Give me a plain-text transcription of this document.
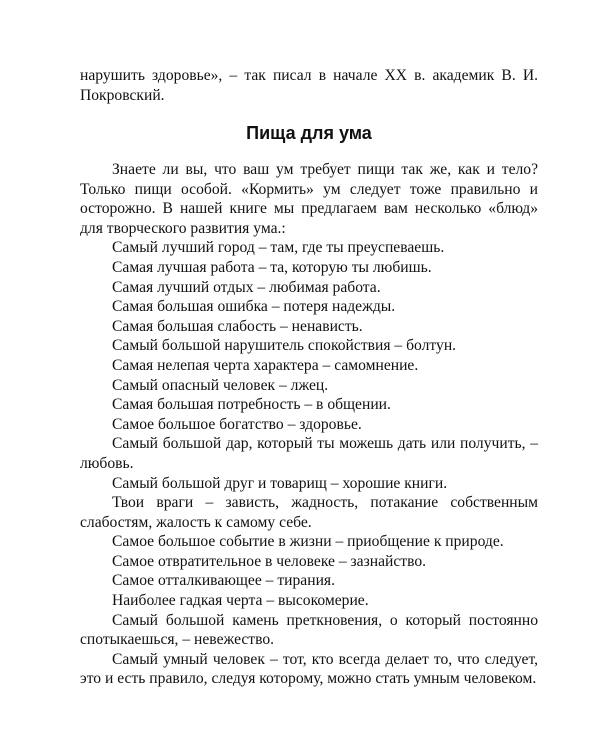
нарушить здоровье», – так писал в начале XX в. академик В. И. Покровский.

Пища для ума

Знаете ли вы, что ваш ум требует пищи так же, как и тело? Только пищи особой. «Кормить» ум следует тоже правильно и осторожно. В нашей книге мы предлагаем вам несколько «блюд» для творческого развития ума.:

Самый лучший город – там, где ты преуспеваешь.

Самая лучшая работа – та, которую ты любишь.

Самая лучший отдых – любимая работа.

Самая большая ошибка – потеря надежды.

Самая большая слабость – ненависть.

Самый большой нарушитель спокойствия – болтун.

Самая нелепая черта характера – самомнение.

Самый опасный человек – лжец.

Самая большая потребность – в общении.

Самое большое богатство – здоровье.

Самый большой дар, который ты можешь дать или получить, – любовь.

Самый большой друг и товарищ – хорошие книги.

Твои враги – зависть, жадность, потакание собственным слабостям, жалость к самому себе.

Самое большое событие в жизни – приобщение к природе.

Самое отвратительное в человеке – зазнайство.

Самое отталкивающее – тирания.

Наиболее гадкая черта – высокомерие.

Самый большой камень преткновения, о который постоянно спотыкаешься, – невежество.

Самый умный человек – тот, кто всегда делает то, что следует, это и есть правило, следуя которому, можно стать умным человеком.
